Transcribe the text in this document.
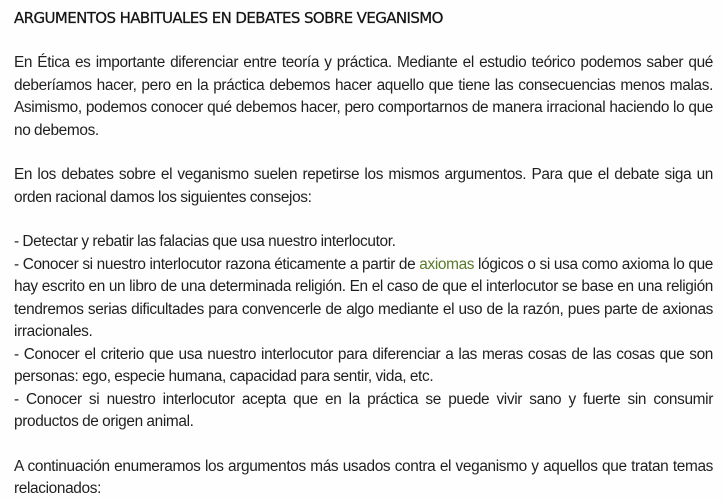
ARGUMENTOS HABITUALES EN DEBATES SOBRE VEGANISMO

En Ética es importante diferenciar entre teoría y práctica. Mediante el estudio teórico podemos saber qué deberíamos hacer, pero en la práctica debemos hacer aquello que tiene las consecuencias menos malas. Asimismo, podemos conocer qué debemos hacer, pero comportarnos de manera irracional haciendo lo que no debemos.

En los debates sobre el veganismo suelen repetirse los mismos argumentos. Para que el debate siga un orden racional damos los siguientes consejos:

- Detectar y rebatir las falacias que usa nuestro interlocutor.

- Conocer si nuestro interlocutor razona éticamente a partir de axiomas lógicos o si usa como axioma lo que hay escrito en un libro de una determinada religión. En el caso de que el interlocutor se base en una religión tendremos serias dificultades para convencerle de algo mediante el uso de la razón, pues parte de axionas irracionales.

- Conocer el criterio que usa nuestro interlocutor para diferenciar a las meras cosas de las cosas que son personas: ego, especie humana, capacidad para sentir, vida, etc.

- Conocer si nuestro interlocutor acepta que en la práctica se puede vivir sano y fuerte sin consumir productos de origen animal.

A continuación enumeramos los argumentos más usados contra el veganismo y aquellos que tratan temas relacionados:
